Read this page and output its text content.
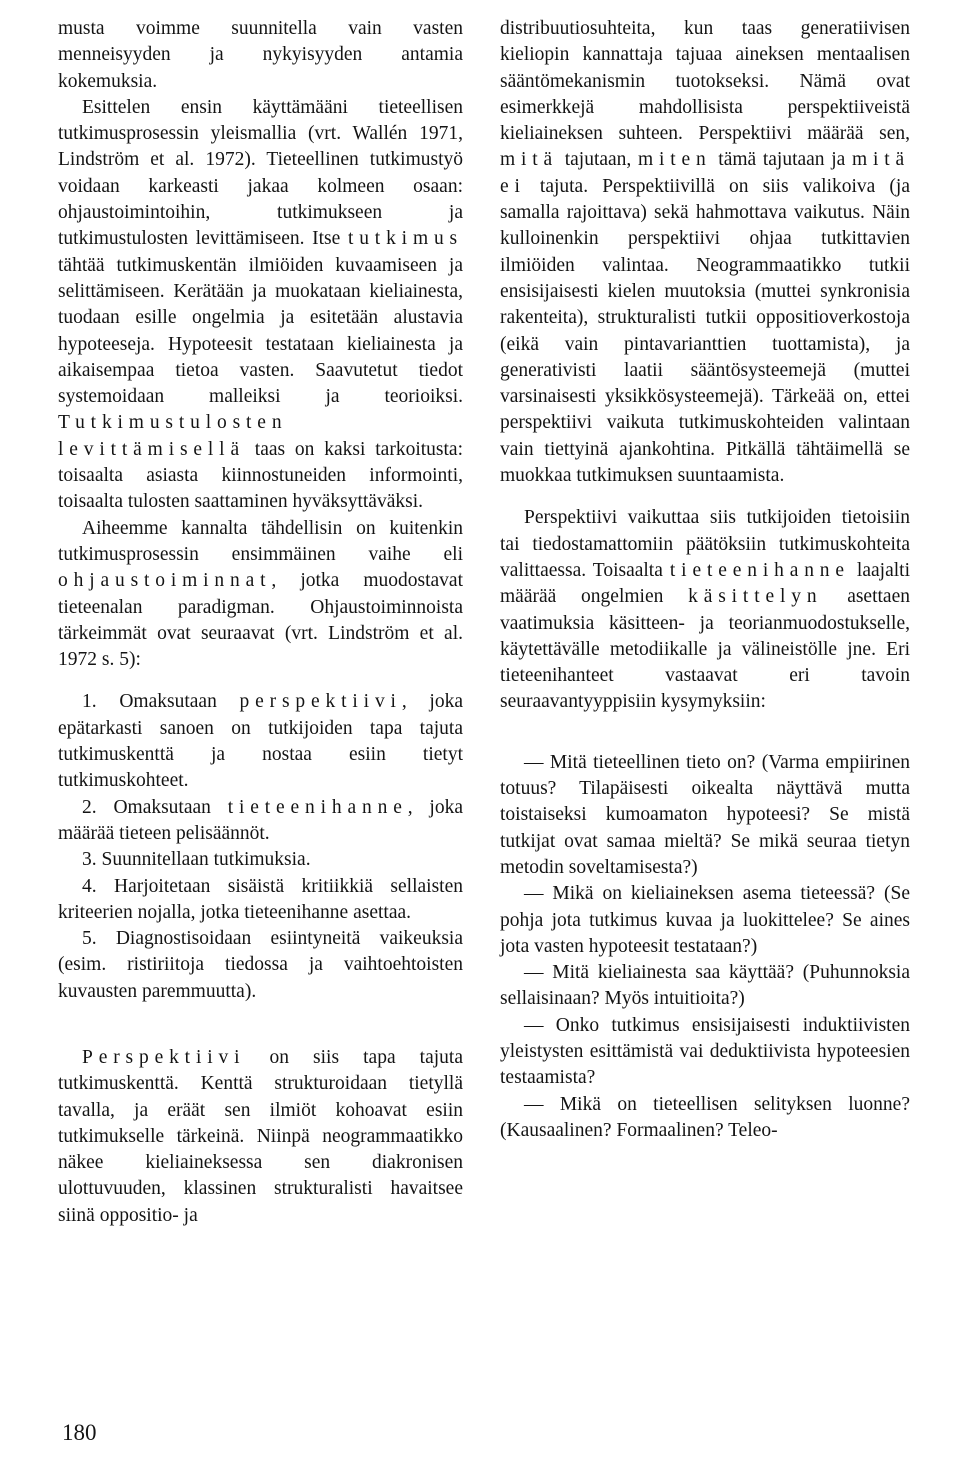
musta voimme suunnitella vain vasten menneisyyden ja nykyisyyden antamia kokemuksia.

Esittelen ensin käyttämääni tieteellisen tutkimusprosessin yleismallia (vrt. Wallén 1971, Lindström et al. 1972). Tieteellinen tutkimustyö voidaan karkeasti jakaa kolmeen osaan: ohjaustoimintoihin, tutkimukseen ja tutkimustulosten levittämiseen. Itse tutkimus tähtää tutkimuskentän ilmiöiden kuvaamiseen ja selittämiseen. Kerätään ja muokataan kieliainesta, tuodaan esille ongelmia ja esitetään alustavia hypoteeseja. Hypoteesit testataan kieliainesta ja aikaisempaa tietoa vasten. Saavutetut tiedot systemoidaan malleiksi ja teorioiksi. Tutkimustulosten levittämisellä taas on kaksi tarkoitusta: toisaalta asiasta kiinnostuneiden informointi, toisaalta tulosten saattaminen hyväksyttäväksi.

Aiheemme kannalta tähdellisin on kuitenkin tutkimusprosessin ensimmäinen vaihe eli ohjaustoiminnat, jotka muodostavat tieteenalan paradigman. Ohjaustoiminnoista tärkeimmät ovat seuraavat (vrt. Lindström et al. 1972 s. 5):

1. Omaksutaan perspektiivi, joka epätarkasti sanoen on tutkijoiden tapa tajuta tutkimuskenttä ja nostaa esiin tietyt tutkimuskohteet.

2. Omaksutaan tieteenihanne, joka määrää tieteen pelisäännöt.

3. Suunnitellaan tutkimuksia.

4. Harjoitetaan sisäistä kritiikkiä sellaisten kriteerien nojalla, jotka tieteenihanne asettaa.

5. Diagnostisoidaan esiintyneitä vaikeuksia (esim. ristiriitoja tiedossa ja vaihtoehtoisten kuvausten paremmuutta).

Perspektiivi on siis tapa tajuta tutkimuskenttä. Kenttä strukturoidaan tietyllä tavalla, ja eräät sen ilmiöt kohoavat esiin tutkimukselle tärkeinä. Niinpä neogrammaatikko näkee kieliaineksessa sen diakronisen ulottuvuuden, klassinen strukturalisti havaitsee siinä oppositio- ja

distribuutiosuhteita, kun taas generatiivisen kieliopin kannattaja tajuaa aineksen mentaalisen sääntömekanismin tuotokseksi. Nämä ovat esimerkkejä mahdollisista perspektiiveistä kieliaineksen suhteen. Perspektiivi määrää sen, mitä tajutaan, miten tämä tajutaan ja mitä ei tajuta. Perspektiivillä on siis valikoiva (ja samalla rajoittava) sekä hahmottava vaikutus. Näin kulloinenkin perspektiivi ohjaa tutkittavien ilmiöiden valintaa. Neogrammaatikko tutkii ensisijaisesti kielen muutoksia (muttei synkronisia rakenteita), strukturalisti tutkii oppositioverkostoja (eikä vain pintavarianttien tuottamista), ja generativisti laatii sääntösysteemejä (muttei varsinaisesti yksikkösysteemejä). Tärkeää on, ettei perspektiivi vaikuta tutkimuskohteiden valintaan vain tiettyinä ajankohtina. Pitkällä tähtäimellä se muokkaa tutkimuksen suuntaamista.

Perspektiivi vaikuttaa siis tutkijoiden tietoisiin tai tiedostamattomiin päätöksiin tutkimuskohteita valittaessa. Toisaalta tieteenihanne laajalti määrää ongelmien käsittelyn asettaen vaatimuksia käsitteen- ja teorianmuodostukselle, käytettävälle metodiikalle ja välineistölle jne. Eri tieteenihanteet vastaavat eri tavoin seuraavantyyppisiin kysymyksiin:

— Mitä tieteellinen tieto on? (Varma empiirinen totuus? Tilapäisesti oikealta näyttävä mutta toistaiseksi kumoamaton hypoteesi? Se mistä tutkijat ovat samaa mieltä? Se mikä seuraa tietyn metodin soveltamisesta?)

— Mikä on kieliaineksen asema tieteessä? (Se pohja jota tutkimus kuvaa ja luokittelee? Se aines jota vasten hypoteesit testataan?)

— Mitä kieliainesta saa käyttää? (Puhunnoksia sellaisinaan? Myös intuitioita?)

— Onko tutkimus ensisijaisesti induktiivisten yleistysten esittämistä vai deduktiivista hypoteesien testaamista?

— Mikä on tieteellisen selityksen luonne? (Kausaalinen? Formaalinen? Teleo-

180
